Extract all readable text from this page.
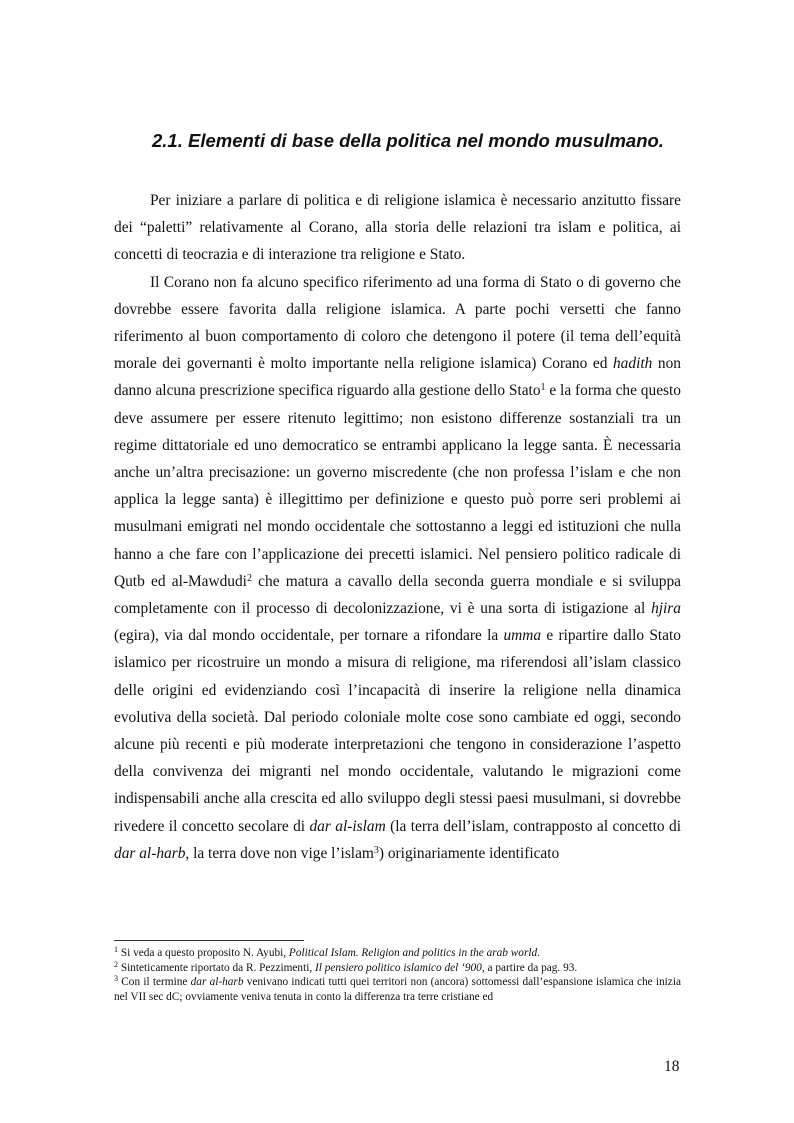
2.1. Elementi di base della politica nel mondo musulmano.

Per iniziare a parlare di politica e di religione islamica è necessario anzitutto fissare dei “paletti” relativamente al Corano, alla storia delle relazioni tra islam e politica, ai concetti di teocrazia e di interazione tra religione e Stato.

Il Corano non fa alcuno specifico riferimento ad una forma di Stato o di governo che dovrebbe essere favorita dalla religione islamica. A parte pochi versetti che fanno riferimento al buon comportamento di coloro che detengono il potere (il tema dell’equità morale dei governanti è molto importante nella religione islamica) Corano ed hadith non danno alcuna prescrizione specifica riguardo alla gestione dello Stato$^1$ e la forma che questo deve assumere per essere ritenuto legittimo; non esistono differenze sostanziali tra un regime dittatoriale ed uno democratico se entrambi applicano la legge santa. È necessaria anche un’altra precisazione: un governo miscredente (che non professa l’islam e che non applica la legge santa) è illegittimo per definizione e questo può porre seri problemi ai musulmani emigrati nel mondo occidentale che sottostanno a leggi ed istituzioni che nulla hanno a che fare con l’applicazione dei precetti islamici. Nel pensiero politico radicale di Qutb ed al-Mawdudi$^2$ che matura a cavallo della seconda guerra mondiale e si sviluppa completamente con il processo di decolonizzazione, vi è una sorta di istigazione al hjira (egira), via dal mondo occidentale, per tornare a rifondare la umma e ripartire dallo Stato islamico per ricostruire un mondo a misura di religione, ma riferendosi all’islam classico delle origini ed evidenziando così l’incapacità di inserire la religione nella dinamica evolutiva della società. Dal periodo coloniale molte cose sono cambiate ed oggi, secondo alcune più recenti e più moderate interpretazioni che tengono in considerazione l’aspetto della convivenza dei migranti nel mondo occidentale, valutando le migrazioni come indispensabili anche alla crescita ed allo sviluppo degli stessi paesi musulmani, si dovrebbe rivedere il concetto secolare di dar al-islam (la terra dell’islam, contrapposto al concetto di dar al-harb, la terra dove non vige l’islam$^3$) originariamente identificato

$^1$ Si veda a questo proposito N. Ayubi, Political Islam. Religion and politics in the arab world.

$^2$ Sinteticamente riportato da R. Pezzimenti, Il pensiero politico islamico del ‘900, a partire da pag. 93.

$^3$ Con il termine dar al-harb venivano indicati tutti quei territori non (ancora) sottomessi dall’espansione islamica che inizia nel VII sec dC; ovviamente veniva tenuta in conto la differenza tra terre cristiane ed

18
